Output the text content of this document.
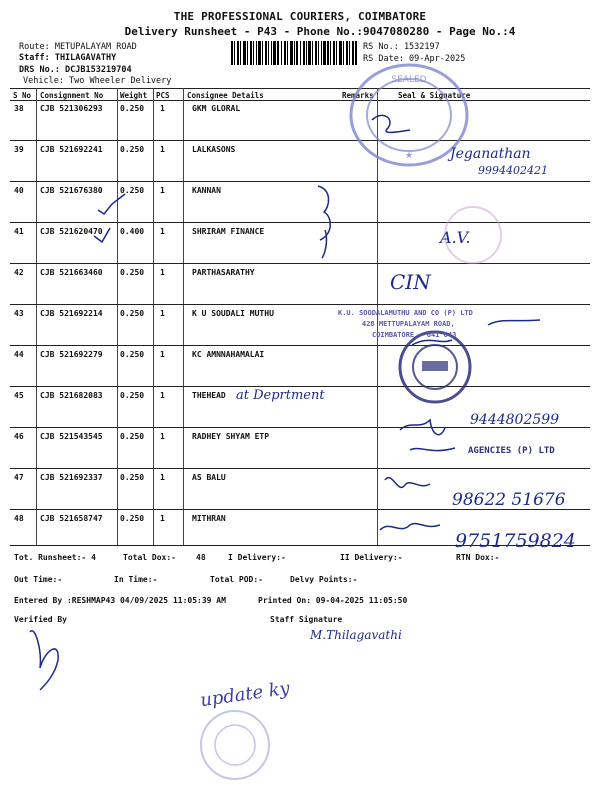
THE PROFESSIONAL COURIERS, COIMBATORE
Delivery Runsheet - P43 - Phone No.:9047080280 - Page No.:4
Route: METUPALAYAM ROAD
Staff: THILAGAVATHY
DRS No.: DCJB153219704
Vehicle: Two Wheeler Delivery
RS No.: 1532197
RS Date: 09-Apr-2025
S No Consignment No Weight PCS Consignee Details	Remarks	Seal & Signature
38 CJB 521306293 0.250 1	GKM GLORAL
39 CJB 521692241 0.250 1	LALKASONS
40 CJB 521676380 0.250 1	KANNAN
41 CJB 521620470 0.400 1	SHRIRAM FINANCE
42 CJB 521663460 0.250 1	PARTHASARATHY
43 CJB 521692214 0.250 1	K U SOUDALI MUTHU
44 CJB 521692279 0.250 1	KC AMNNAHAMALAI
45 CJB 521682083 0.250 1	THEHEAD
46 CJB 521543545 0.250 1	RADHEY SHYAM ETP
47 CJB 521692337 0.250 1	AS BALU
48 CJB 521658747 0.250 1	MITHRAN
Tot. Runsheet:- 4	Total Dox:-	48	I Delivery:-	II Delivery:-	RTN Dox:-
Out Time:-	In Time:-	Total POD:-	Delvy Points:-
Entered By :RESHMAP43 04/09/2025 11:05:39 AM	Printed On: 09-04-2025 11:05:50
Verified By	Staff Signature
SEALED
★
K.U. SOODALAMUTHU AND CO (P) LTD
428 METTUPALAYAM ROAD,
COIMBATORE - 641 043
AGENCIES (P) LTD
Jeganathan
9994402421
A.V.
CIN
at Deprtment
9444802599
98622 51676
9751759824
M.Thilagavathi
update ky
